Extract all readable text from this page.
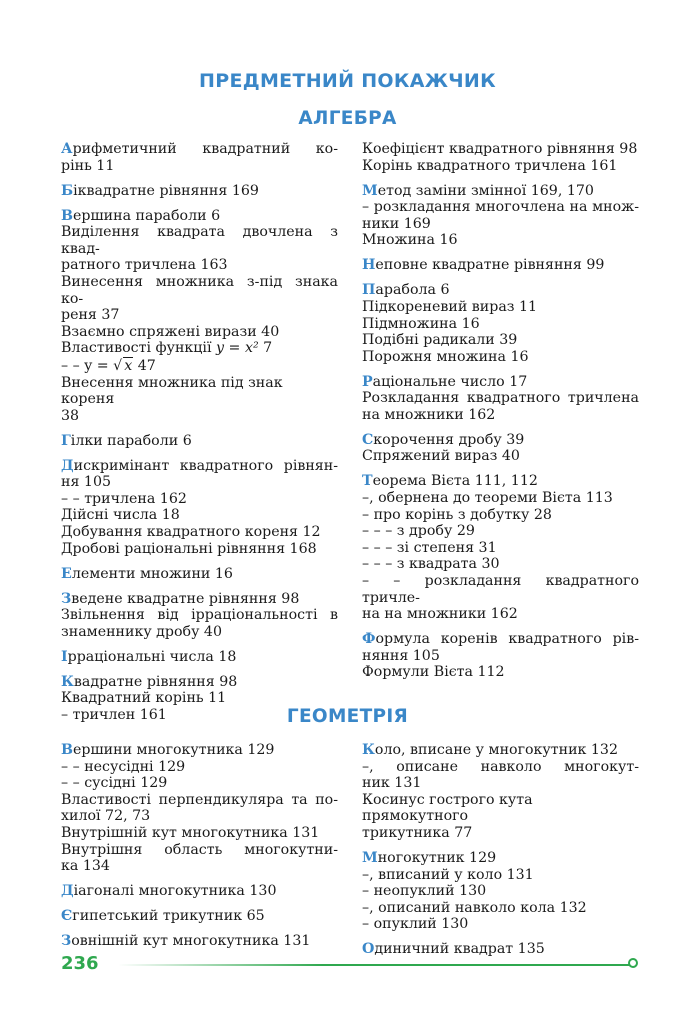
ПРЕДМЕТНИЙ ПОКАЖЧИК
АЛГЕБРА
Арифметичний квадратний ко-
рінь 11
Біквадратне рівняння 169
Вершина параболи 6
Виділення квадрата двочлена з квад-
ратного тричлена 163
Винесення множника з-під знака ко-
реня 37
Взаємно спряжені вирази 40
Властивості функції y = x² 7
– – y = √ x 47
Внесення множника під знак кореня
38
Гілки параболи 6
Дискримінант квадратного рівнян-
ня 105
– – тричлена 162
Дійсні числа 18
Добування квадратного кореня 12
Дробові раціональні рівняння 168
Елементи множини 16
Зведене квадратне рівняння 98
Звільнення від ірраціональності в
знаменнику дробу 40
Ірраціональні числа 18
Квадратне рівняння 98
Квадратний корінь 11
– тричлен 161
Коефіцієнт квадратного рівняння 98
Корінь квадратного тричлена 161
Метод заміни змінної 169, 170
– розкладання многочлена на множ-
ники 169
Множина 16
Неповне квадратне рівняння 99
Парабола 6
Підкореневий вираз 11
Підмножина 16
Подібні радикали 39
Порожня множина 16
Раціональне число 17
Розкладання квадратного тричлена
на множники 162
Скорочення дробу 39
Спряжений вираз 40
Теорема Вієта 111, 112
–, обернена до теореми Вієта 113
– про корінь з добутку 28
– – – з дробу 29
– – – зі степеня 31
– – – з квадрата 30
– – розкладання квадратного тричле-
на на множники 162
Формула коренів квадратного рів-
няння 105
Формули Вієта 112
ГЕОМЕТРІЯ
Вершини многокутника 129
– – несусідні 129
– – сусідні 129
Властивості перпендикуляра та по-
хилої 72, 73
Внутрішній кут многокутника 131
Внутрішня область многокутни-
ка 134
Діагоналі многокутника 130
Єгипетський трикутник 65
Зовнішній кут многокутника 131
Коло, вписане у многокутник 132
–, описане навколо многокут-
ник 131
Косинус гострого кута прямокутного
трикутника 77
Многокутник 129
–, вписаний у коло 131
– неопуклий 130
–, описаний навколо кола 132
– опуклий 130
Одиничний квадрат 135
236
